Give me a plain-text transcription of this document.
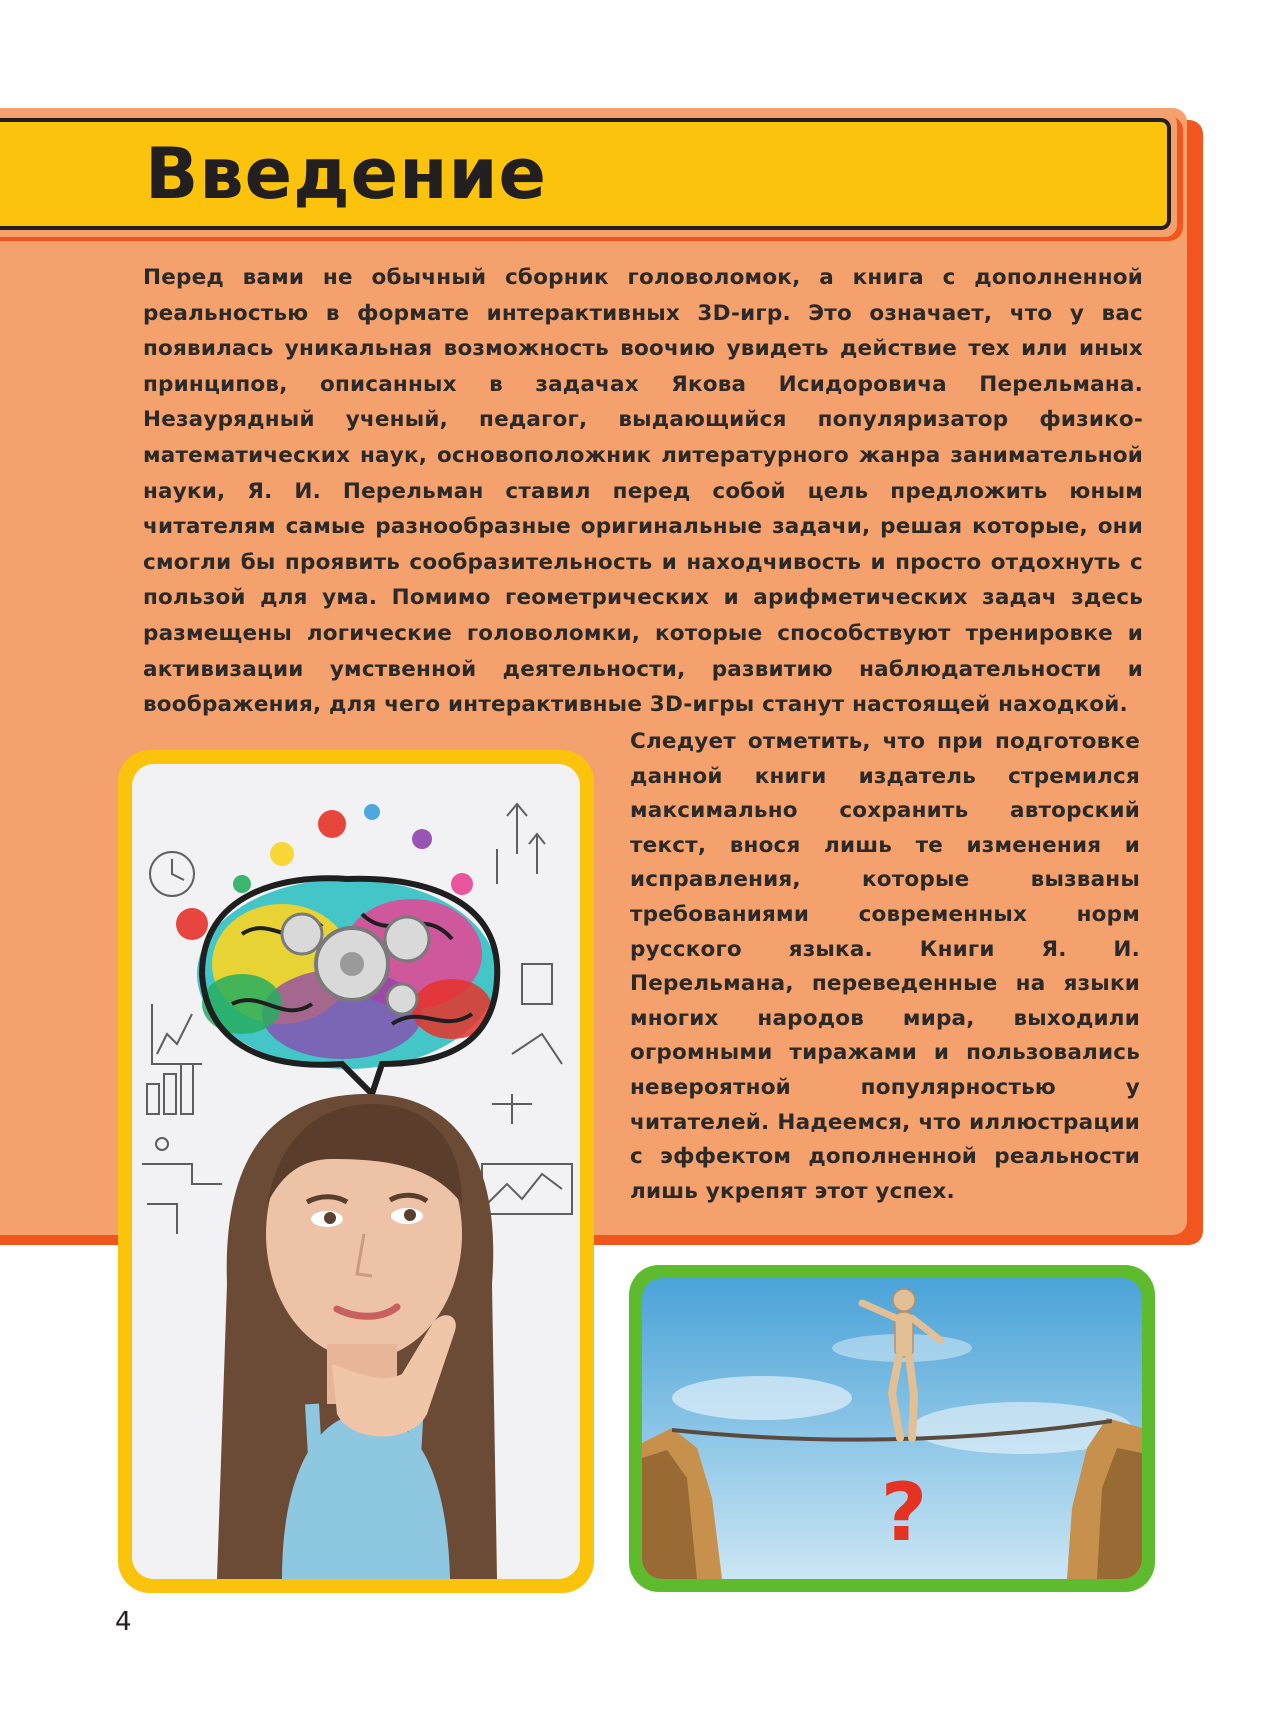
Введение

Перед вами не обычный сборник головоломок, а книга с дополненной реальностью в формате интерактивных 3D-игр. Это означает, что у вас появилась уникальная возможность воочию увидеть действие тех или иных принципов, описанных в задачах Якова Исидоровича Перельмана. Незаурядный ученый, педагог, выдающийся популяризатор физико-математических наук, основоположник литературного жанра занимательной науки, Я. И. Перельман ставил перед собой цель предложить юным читателям самые разнообразные оригинальные задачи, решая которые, они смогли бы проявить сообразительность и находчивость и просто отдохнуть с пользой для ума. Помимо геометрических и арифметических задач здесь размещены логические головоломки, которые способствуют тренировке и активизации умственной деятельности, развитию наблюдательности и воображения, для чего интерактивные 3D-игры станут настоящей находкой.

Следует отметить, что при подготовке данной книги издатель стремился максимально сохранить авторский текст, внося лишь те изменения и исправления, которые вызваны требованиями современных норм русского языка. Книги Я. И. Перельмана, переведенные на языки многих народов мира, выходили огромными тиражами и пользовались невероятной популярностью у читателей. Надеемся, что иллюстрации с эффектом дополненной реальности лишь укрепят этот успех.

?
4
